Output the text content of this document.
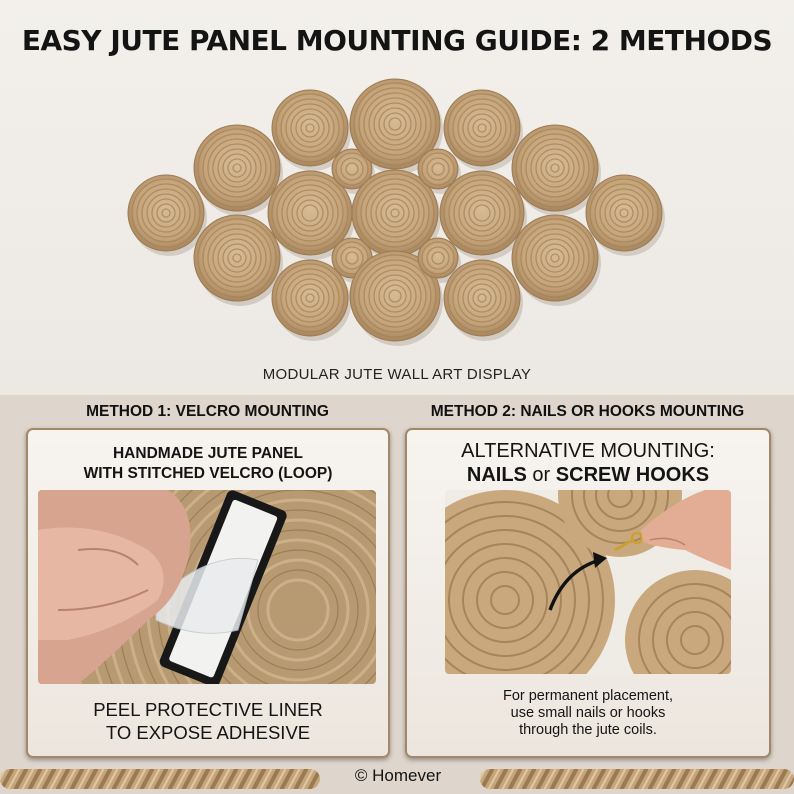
EASY JUTE PANEL MOUNTING GUIDE: 2 METHODS
MODULAR JUTE WALL ART DISPLAY
METHOD 1: VELCRO MOUNTING	METHOD 2: NAILS OR HOOKS MOUNTING
HANDMADE JUTE PANEL
WITH STITCHED VELCRO (LOOP)
PEEL PROTECTIVE LINER
TO EXPOSE ADHESIVE
ALTERNATIVE MOUNTING:
NAILS or SCREW HOOKS
For permanent placement,
use small nails or hooks
through the jute coils.
© Homever
